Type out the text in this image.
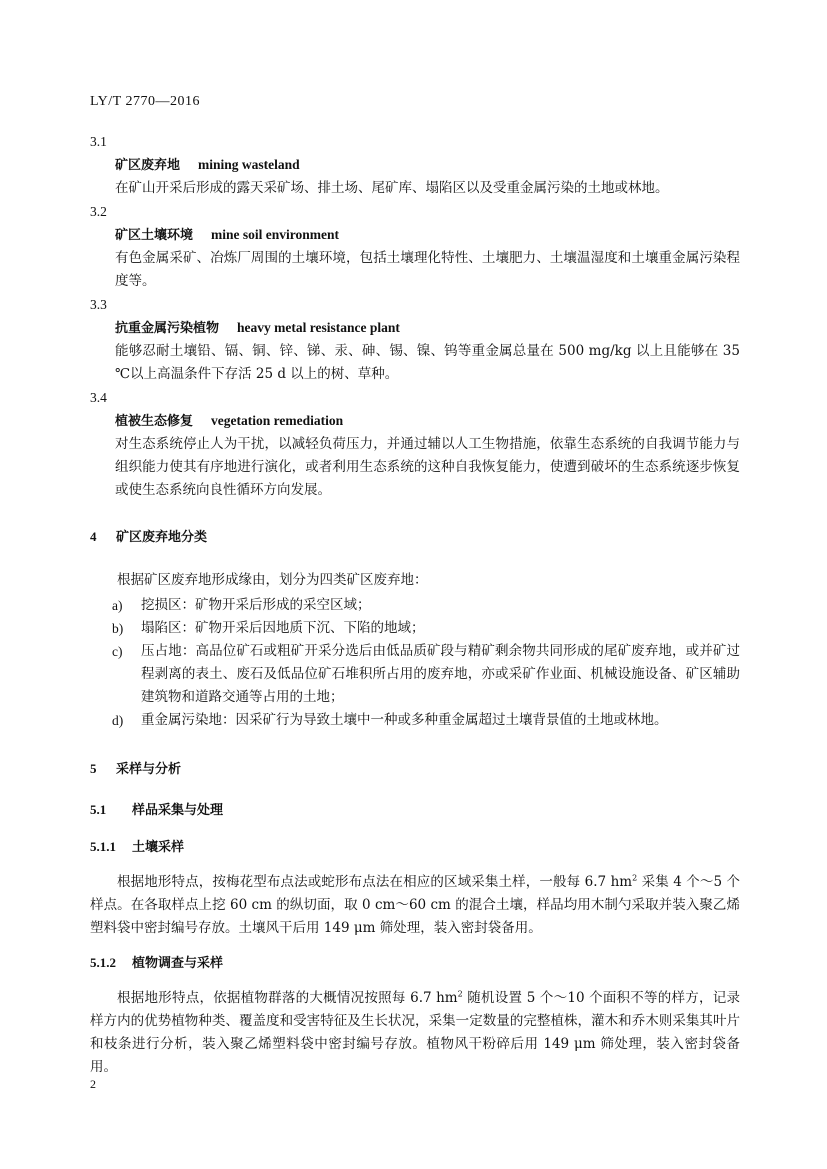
LY/T 2770—2016
3.1
矿区废弃地 mining wasteland
在矿山开采后形成的露天采矿场、排土场、尾矿库、塌陷区以及受重金属污染的土地或林地。
3.2
矿区土壤环境 mine soil environment
有色金属采矿、冶炼厂周围的土壤环境，包括土壤理化特性、土壤肥力、土壤温湿度和土壤重金属污染程度等。
3.3
抗重金属污染植物 heavy metal resistance plant
能够忍耐土壤铅、镉、铜、锌、锑、汞、砷、锡、镍、钨等重金属总量在 500 mg/kg 以上且能够在 35 ℃以上高温条件下存活 25 d 以上的树、草种。
3.4
植被生态修复 vegetation remediation
对生态系统停止人为干扰，以减轻负荷压力，并通过辅以人工生物措施，依靠生态系统的自我调节能力与组织能力使其有序地进行演化，或者利用生态系统的这种自我恢复能力，使遭到破坏的生态系统逐步恢复或使生态系统向良性循环方向发展。
4 矿区废弃地分类
根据矿区废弃地形成缘由，划分为四类矿区废弃地：
a)	挖损区：矿物开采后形成的采空区域；
b)	塌陷区：矿物开采后因地质下沉、下陷的地域；
c)	压占地：高品位矿石或粗矿开采分选后由低品质矿段与精矿剩余物共同形成的尾矿废弃地，或并矿过程剥离的表土、废石及低品位矿石堆积所占用的废弃地，亦或采矿作业面、机械设施设备、矿区辅助建筑物和道路交通等占用的土地；
d)	重金属污染地：因采矿行为导致土壤中一种或多种重金属超过土壤背景值的土地或林地。
5 采样与分析
5.1 样品采集与处理
5.1.1 土壤采样
根据地形特点，按梅花型布点法或蛇形布点法在相应的区域采集土样，一般每 6.7 $hm^2$ 采集 4 个～5 个样点。在各取样点上挖 60 cm 的纵切面，取 0 cm～60 cm 的混合土壤，样品均用木制勺采取并装入聚乙烯塑料袋中密封编号存放。土壤风干后用 149 μm 筛处理，装入密封袋备用。
5.1.2 植物调查与采样
根据地形特点，依据植物群落的大概情况按照每 6.7 $hm^2$ 随机设置 5 个～10 个面积不等的样方，记录样方内的优势植物种类、覆盖度和受害特征及生长状况，采集一定数量的完整植株，灌木和乔木则采集其叶片和枝条进行分析，装入聚乙烯塑料袋中密封编号存放。植物风干粉碎后用 149 μm 筛处理，装入密封袋备用。
2
